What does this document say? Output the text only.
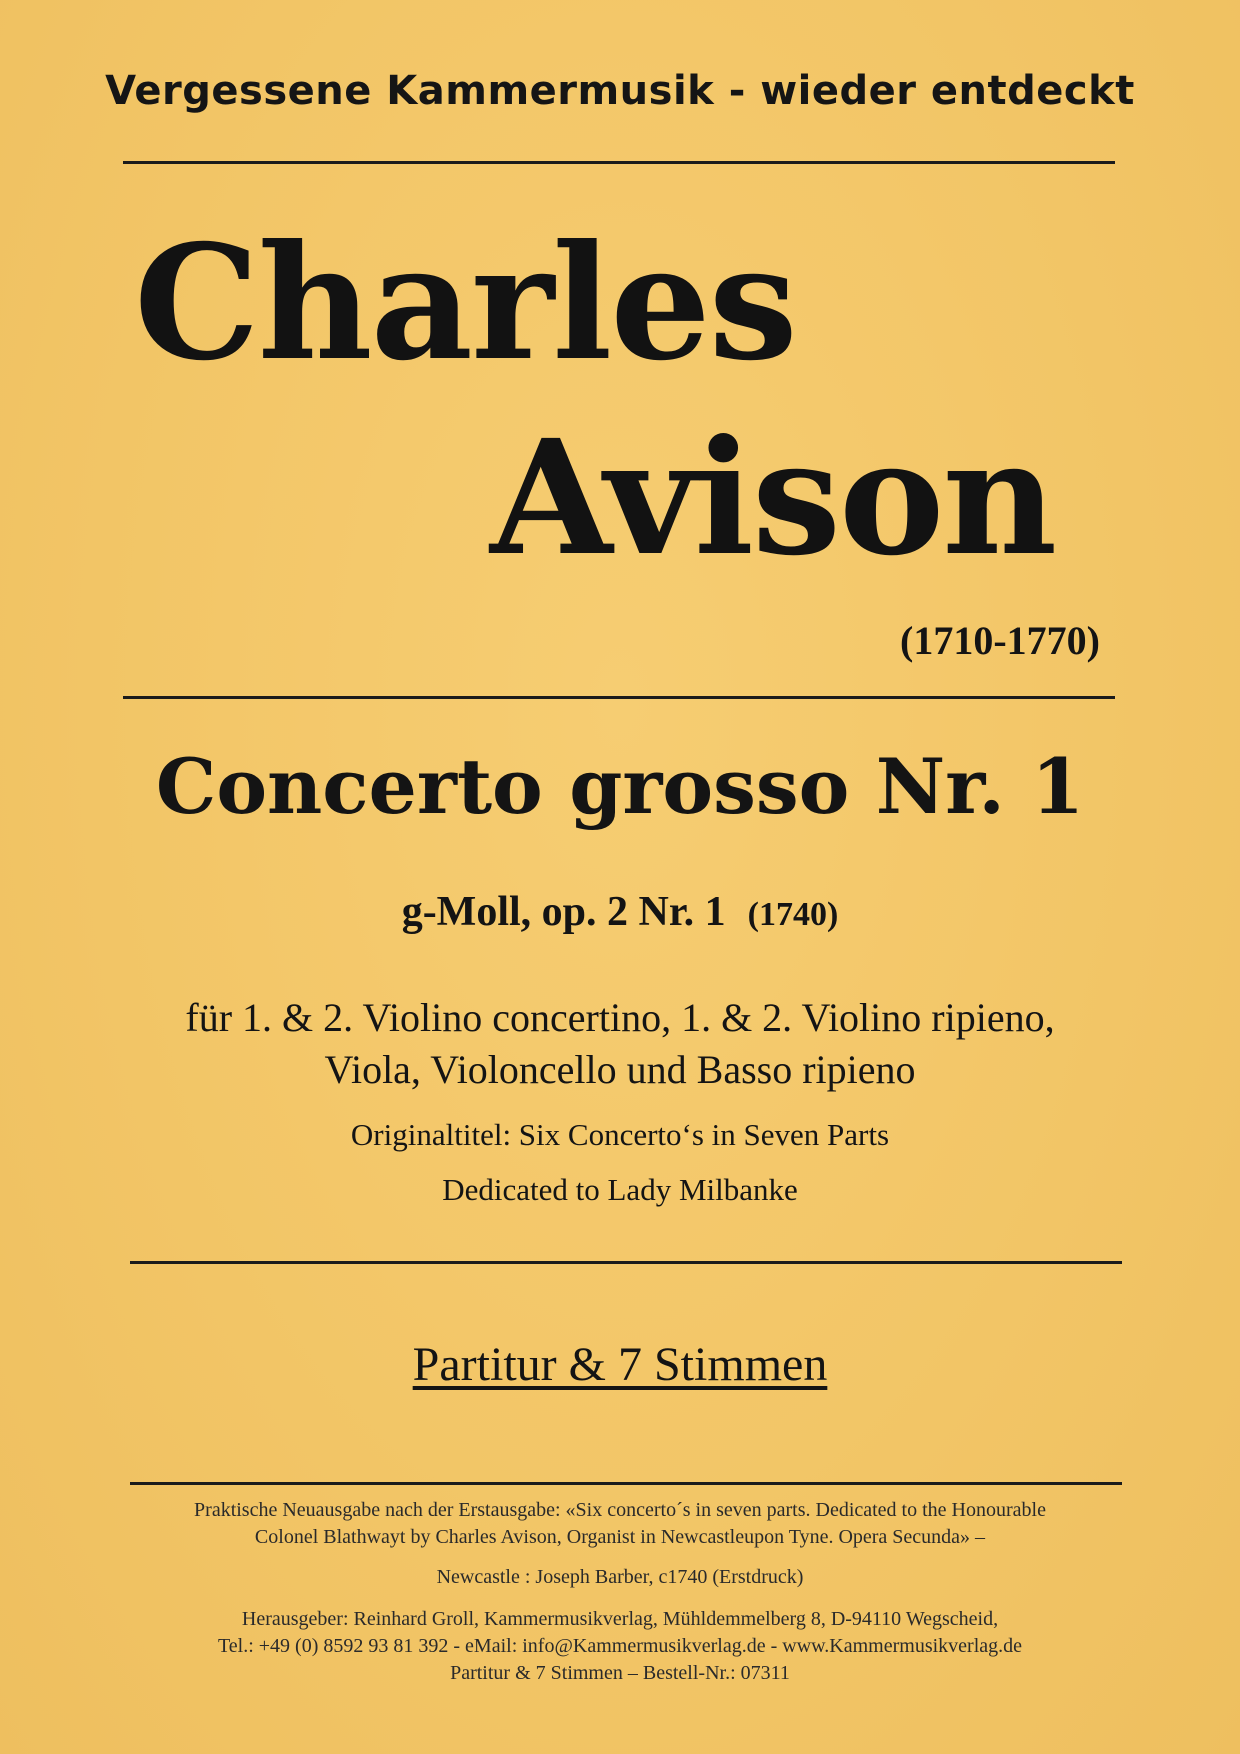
Vergessene Kammermusik - wieder entdeckt
Charles
Avison
(1710-1770)
Concerto grosso Nr. 1
g-Moll, op. 2 Nr. 1 (1740)
für 1. & 2. Violino concertino, 1. & 2. Violino ripieno,
Viola, Violoncello und Basso ripieno
Originaltitel: Six Concerto‘s in Seven Parts
Dedicated to Lady Milbanke
Partitur & 7 Stimmen
Praktische Neuausgabe nach der Erstausgabe: «Six concerto´s in seven parts. Dedicated to the Honourable
Colonel Blathwayt by Charles Avison, Organist in Newcastleupon Tyne. Opera Secunda» –
Newcastle : Joseph Barber, c1740 (Erstdruck)
Herausgeber: Reinhard Groll, Kammermusikverlag, Mühldemmelberg 8, D-94110 Wegscheid,
Tel.: +49 (0) 8592 93 81 392 - eMail: info@Kammermusikverlag.de - www.Kammermusikverlag.de
Partitur & 7 Stimmen – Bestell-Nr.: 07311
